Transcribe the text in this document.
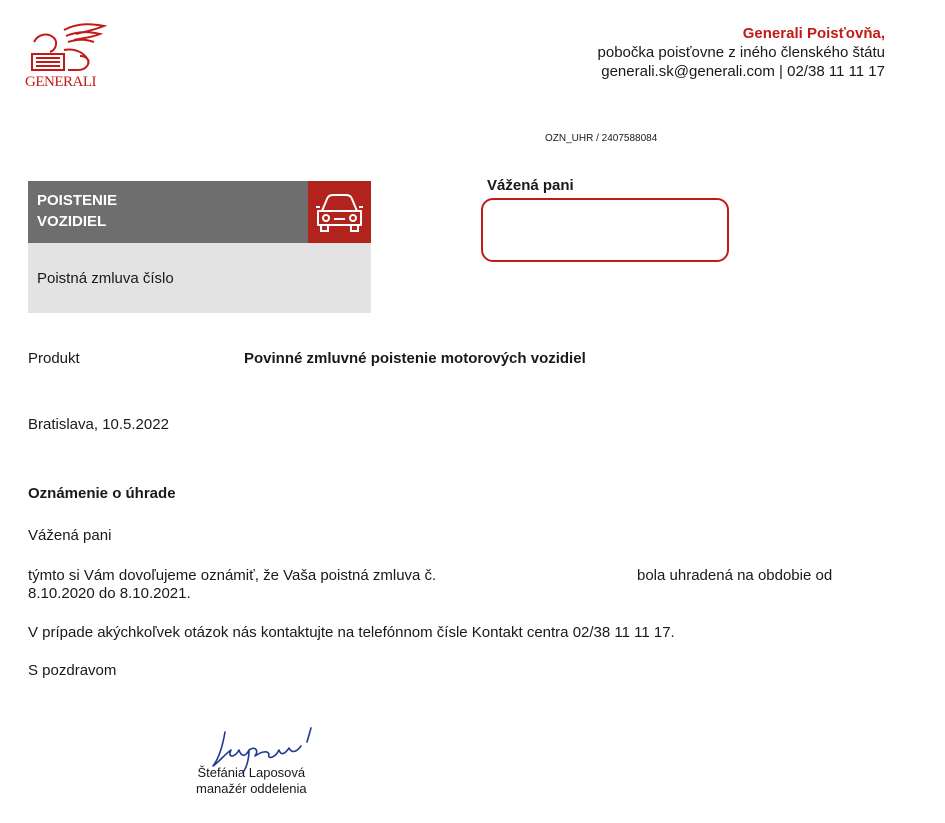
GENERALI
Generali Poisťovňa,
pobočka poisťovne z iného členského štátu
generali.sk@generali.com | 02/38 11 11 17
OZN_UHR / 2407588084
POISTENIE
VOZIDIEL
Poistná zmluva číslo
Vážená pani
Produkt	Povinné zmluvné poistenie motorových vozidiel
Bratislava, 10.5.2022
Oznámenie o úhrade
Vážená pani
týmto si Vám dovoľujeme oznámiť, že Vaša poistná zmluva č.	bola uhradená na obdobie od
8.10.2020 do 8.10.2021.
V prípade akýchkoľvek otázok nás kontaktujte na telefónnom čísle Kontakt centra 02/38 11 11 17.
S pozdravom
Štefánia Laposová
manažér oddelenia
